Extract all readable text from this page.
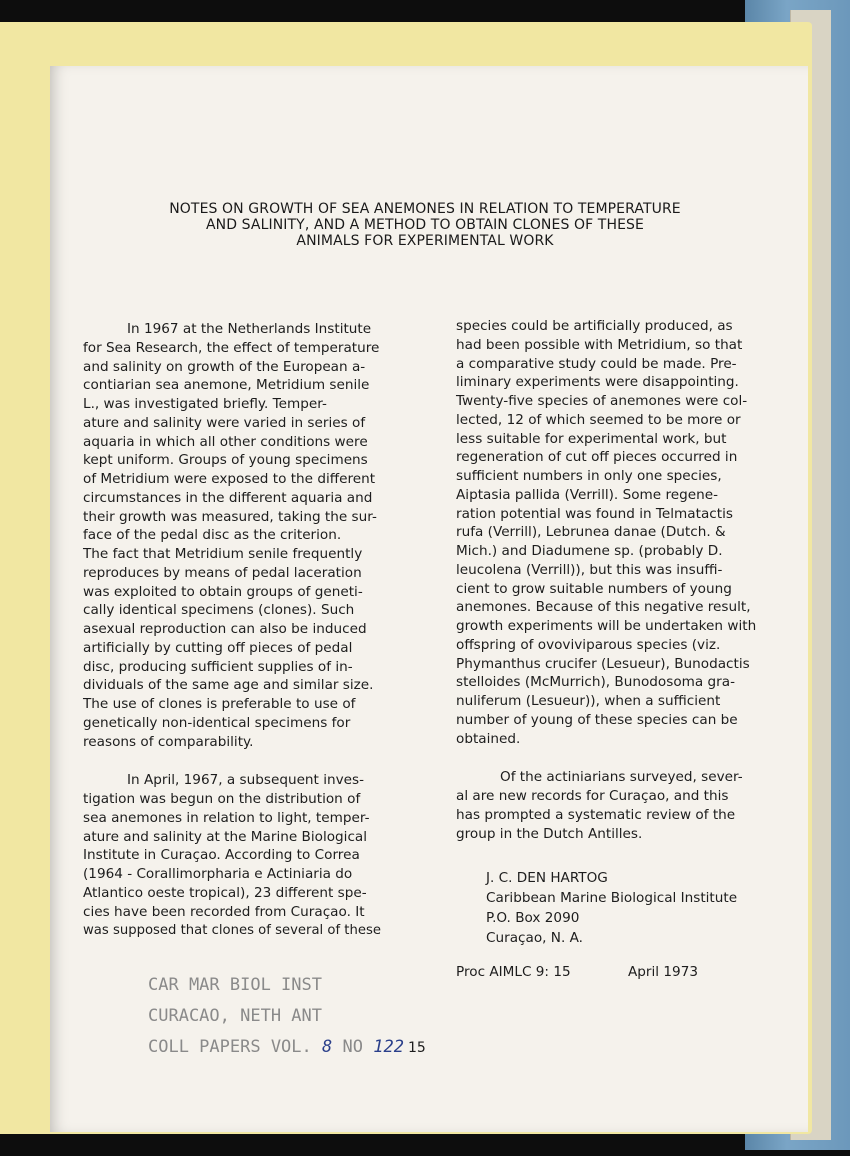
NOTES ON GROWTH OF SEA ANEMONES IN RELATION TO TEMPERATURE
AND SALINITY, AND A METHOD TO OBTAIN CLONES OF THESE
ANIMALS FOR EXPERIMENTAL WORK
In 1967 at the Netherlands Institute
for Sea Research, the effect of temperature
and salinity on growth of the European a-
contiarian sea anemone, Metridium senile
L., was investigated briefly. Temper-
ature and salinity were varied in series of
aquaria in which all other conditions were
kept uniform. Groups of young specimens
of Metridium were exposed to the different
circumstances in the different aquaria and
their growth was measured, taking the sur-
face of the pedal disc as the criterion.
The fact that Metridium senile frequently
reproduces by means of pedal laceration
was exploited to obtain groups of geneti-
cally identical specimens (clones). Such
asexual reproduction can also be induced
artificially by cutting off pieces of pedal
disc, producing sufficient supplies of in-
dividuals of the same age and similar size.
The use of clones is preferable to use of
genetically non-identical specimens for
reasons of comparability.
In April, 1967, a subsequent inves-
tigation was begun on the distribution of
sea anemones in relation to light, temper-
ature and salinity at the Marine Biological
Institute in Curaçao. According to Correa
(1964 - Corallimorpharia e Actiniaria do
Atlantico oeste tropical), 23 different spe-
cies have been recorded from Curaçao. It
was supposed that clones of several of these
species could be artificially produced, as
had been possible with Metridium, so that
a comparative study could be made. Pre-
liminary experiments were disappointing.
Twenty-five species of anemones were col-
lected, 12 of which seemed to be more or
less suitable for experimental work, but
regeneration of cut off pieces occurred in
sufficient numbers in only one species,
Aiptasia pallida (Verrill). Some regene-
ration potential was found in Telmatactis
rufa (Verrill), Lebrunea danae (Dutch. &
Mich.) and Diadumene sp. (probably D.
leucolena (Verrill)), but this was insuffi-
cient to grow suitable numbers of young
anemones. Because of this negative result,
growth experiments will be undertaken with
offspring of ovoviviparous species (viz.
Phymanthus crucifer (Lesueur), Bunodactis
stelloides (McMurrich), Bunodosoma gra-
nuliferum (Lesueur)), when a sufficient
number of young of these species can be
obtained.
Of the actiniarians surveyed, sever-
al are new records for Curaçao, and this
has prompted a systematic review of the
group in the Dutch Antilles.
J. C. DEN HARTOG
Caribbean Marine Biological Institute
P.O. Box 2090
Curaçao, N. A.
Proc AIMLC 9: 15	April 1973
CAR MAR BIOL INST
CURACAO, NETH ANT
COLL PAPERS VOL. 8 NO 122 15
